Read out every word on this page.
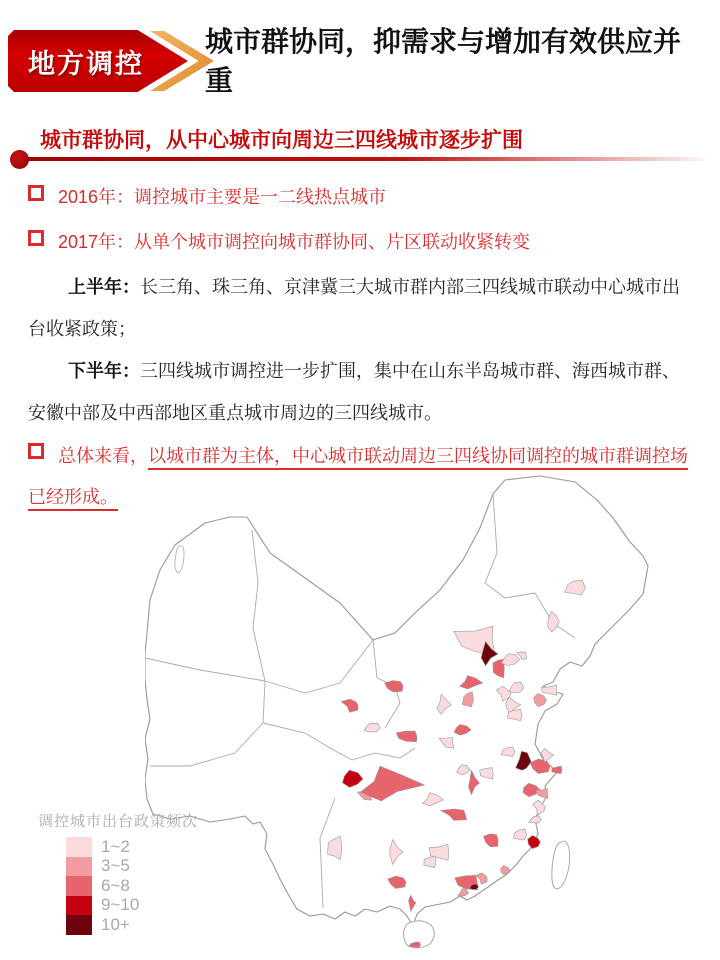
地方调控
城市群协同，抑需求与增加有效供应并重
城市群协同，从中心城市向周边三四线城市逐步扩围
2016年：调控城市主要是一二线热点城市
2017年：从单个城市调控向城市群协同、片区联动收紧转变
上半年：长三角、珠三角、京津冀三大城市群内部三四线城市联动中心城市出台收紧政策；
下半年：三四线城市调控进一步扩围，集中在山东半岛城市群、海西城市群、安徽中部及中西部地区重点城市周边的三四线城市。
总体来看，以城市群为主体，中心城市联动周边三四线协同调控的城市群调控场已经形成。
调控城市出台政策频次
1~2
3~5
6~8
9~10
10+
